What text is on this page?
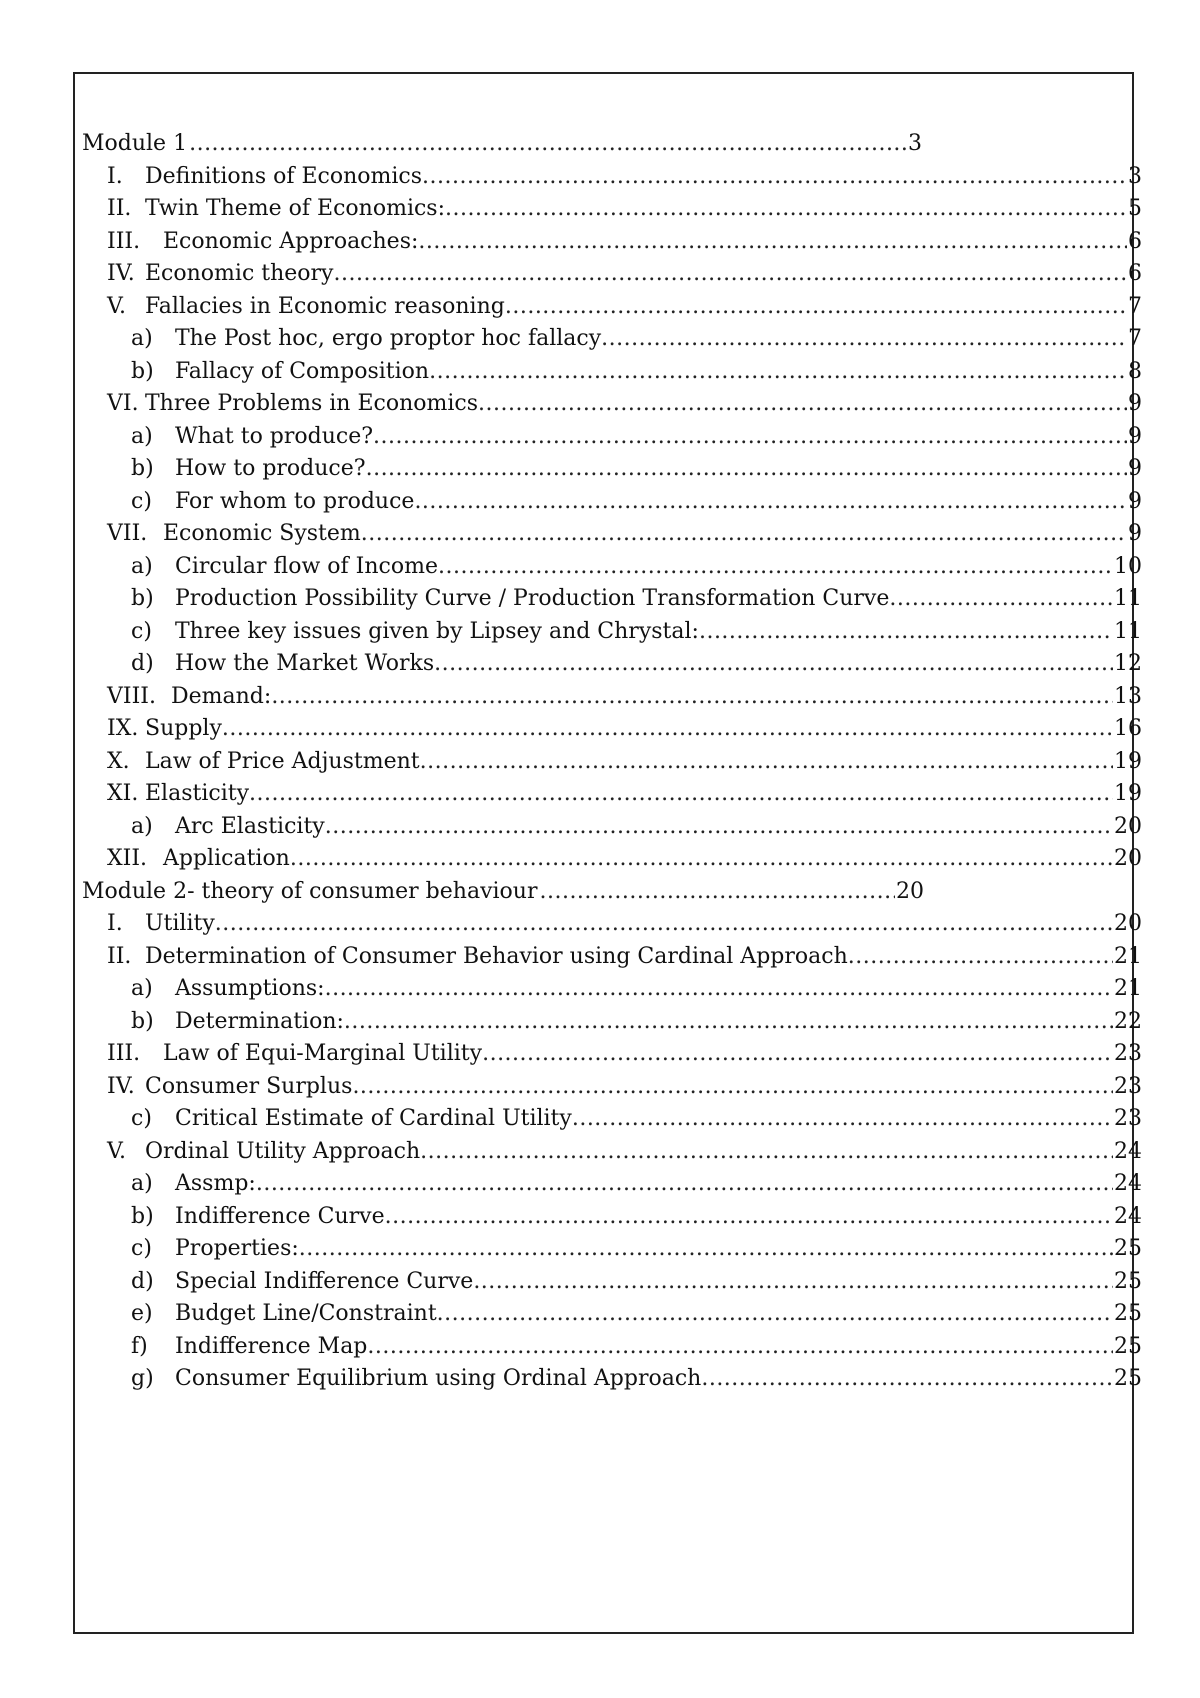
Module 1 .....	3
I.	Definitions of Economics .....	3
II. Twin Theme of Economics: .....	5
III.	Economic Approaches: .....	6
IV. Economic theory .....	6
V. Fallacies in Economic reasoning .....	7
a)	The Post hoc, ergo proptor hoc fallacy .....	7
b) Fallacy of Composition .....	8
VI. Three Problems in Economics .....	9
a)	What to produce? .....	9
b) How to produce? .....	9
c)	For whom to produce .....	9
VII. Economic System .....	9
a)	Circular flow of Income .....	10
b) Production Possibility Curve / Production Transformation Curve .....	11
c)	Three key issues given by Lipsey and Chrystal: .....	11
d) How the Market Works .....	12
VIII. Demand: .....	13
IX. Supply .....	16
X. Law of Price Adjustment .....	19
XI. Elasticity .....	19
a)	Arc Elasticity .....	20
XII. Application .....	20
Module 2- theory of consumer behaviour .....	20
I.	Utility .....	20
II. Determination of Consumer Behavior using Cardinal Approach .....	21
a)	Assumptions: .....	21
b) Determination: .....	22
III.	Law of Equi-Marginal Utility .....	23
IV. Consumer Surplus .....	23
c)	Critical Estimate of Cardinal Utility .....	23
V. Ordinal Utility Approach .....	24
a)	Assmp: .....	24
b) Indifference Curve .....	24
c)	Properties: .....	25
d) Special Indifference Curve .....	25
e)	Budget Line/Constraint .....	25
f)	Indifference Map .....	25
g) Consumer Equilibrium using Ordinal Approach .....	25
